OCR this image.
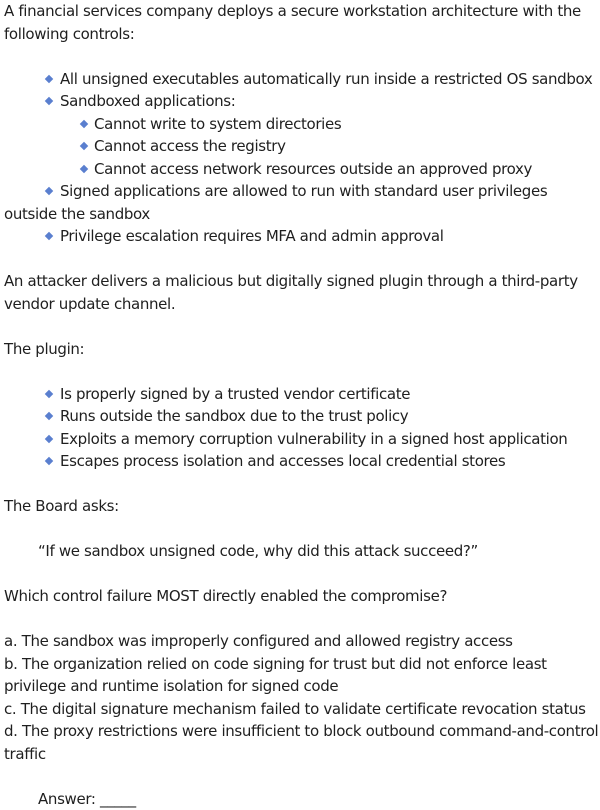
A financial services company deploys a secure workstation architecture with the following controls:

All unsigned executables automatically run inside a restricted OS sandbox
Sandboxed applications:
Cannot write to system directories
Cannot access the registry
Cannot access network resources outside an approved proxy
Signed applications are allowed to run with standard user privileges outside the sandbox
Privilege escalation requires MFA and admin approval

An attacker delivers a malicious but digitally signed plugin through a third-party vendor update channel.

The plugin:

Is properly signed by a trusted vendor certificate
Runs outside the sandbox due to the trust policy
Exploits a memory corruption vulnerability in a signed host application
Escapes process isolation and accesses local credential stores

The Board asks:

“If we sandbox unsigned code, why did this attack succeed?”

Which control failure MOST directly enabled the compromise?

a. The sandbox was improperly configured and allowed registry access

b. The organization relied on code signing for trust but did not enforce least privilege and runtime isolation for signed code

c. The digital signature mechanism failed to validate certificate revocation status

d. The proxy restrictions were insufficient to block outbound command-and-control traffic

Answer: _____
